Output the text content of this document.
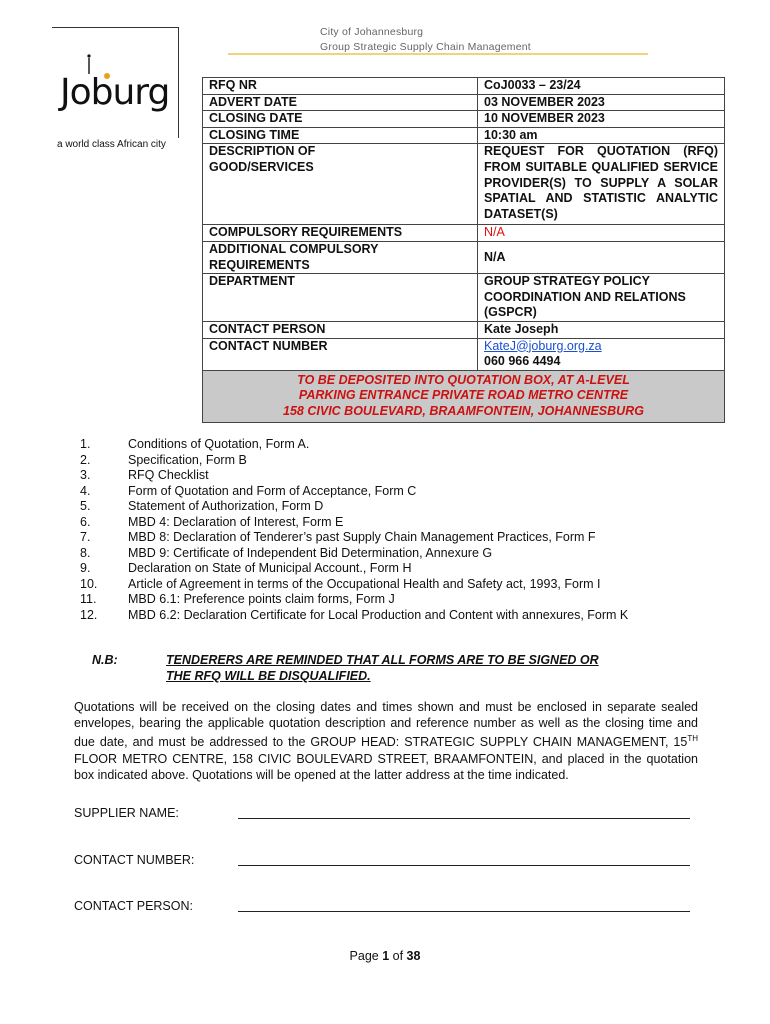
City of Johannesburg
Group Strategic Supply Chain Management
Joburg
a world class African city
RFQ NR	CoJ0033 – 23/24
ADVERT DATE	03 NOVEMBER 2023
CLOSING DATE	10 NOVEMBER 2023
CLOSING TIME	10:30 am
DESCRIPTION OF GOOD/SERVICES	REQUEST FOR QUOTATION (RFQ) FROM SUITABLE QUALIFIED SERVICE PROVIDER(S) TO SUPPLY A SOLAR SPATIAL AND STATISTIC ANALYTIC DATASET(S)
COMPULSORY REQUIREMENTS	N/A
ADDITIONAL COMPULSORY REQUIREMENTS	N/A
DEPARTMENT	GROUP STRATEGY POLICY COORDINATION AND RELATIONS (GSPCR)
CONTACT PERSON	Kate Joseph
CONTACT NUMBER	KateJ@joburg.org.za
060 966 4494

TO BE DEPOSITED INTO QUOTATION BOX, AT A-LEVEL
PARKING ENTRANCE PRIVATE ROAD METRO CENTRE
158 CIVIC BOULEVARD, BRAAMFONTEIN, JOHANNESBURG	
1.	Conditions of Quotation, Form A.
2.	Specification, Form B
3.	RFQ Checklist
4.	Form of Quotation and Form of Acceptance, Form C
5.	Statement of Authorization, Form D
6.	MBD 4: Declaration of Interest, Form E
7.	MBD 8: Declaration of Tenderer’s past Supply Chain Management Practices, Form F
8.	MBD 9: Certificate of Independent Bid Determination, Annexure G
9.	Declaration on State of Municipal Account., Form H
10.	Article of Agreement in terms of the Occupational Health and Safety act, 1993, Form I
11.	MBD 6.1: Preference points claim forms, Form J
12.	MBD 6.2: Declaration Certificate for Local Production and Content with annexures, Form K
N.B:	TENDERERS ARE REMINDED THAT ALL FORMS ARE TO BE SIGNED OR
THE RFQ WILL BE DISQUALIFIED.
Quotations will be received on the closing dates and times shown and must be enclosed in separate sealed envelopes, bearing the applicable quotation description and reference number as well as the closing time and due date, and must be addressed to the GROUP HEAD: STRATEGIC SUPPLY CHAIN MANAGEMENT, 15TH FLOOR METRO CENTRE, 158 CIVIC BOULEVARD STREET, BRAAMFONTEIN, and placed in the quotation box indicated above. Quotations will be opened at the latter address at the time indicated.
SUPPLIER NAME:
CONTACT NUMBER:
CONTACT PERSON:
Page 1 of 38
